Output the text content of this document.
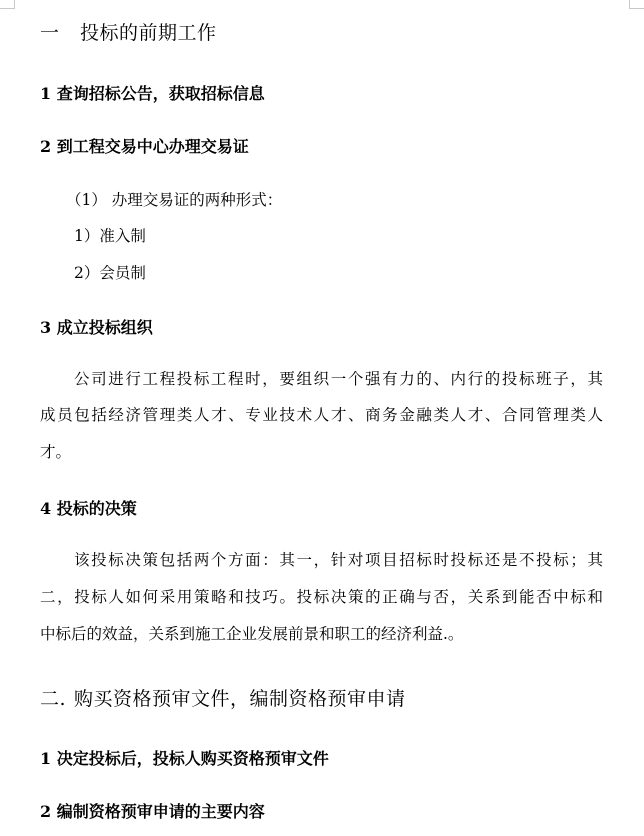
一 投标的前期工作
1 查询招标公告，获取招标信息
2 到工程交易中心办理交易证
（1） 办理交易证的两种形式：
1）准入制
2）会员制
3 成立投标组织
公司进行工程投标工程时，要组织一个强有力的、内行的投标班子，其
成员包括经济管理类人才、专业技术人才、商务金融类人才、合同管理类人
才。
4 投标的决策
该投标决策包括两个方面：其一，针对项目招标时投标还是不投标；其
二，投标人如何采用策略和技巧。投标决策的正确与否，关系到能否中标和
中标后的效益，关系到施工企业发展前景和职工的经济利益.。
二. 购买资格预审文件，编制资格预审申请
1 决定投标后，投标人购买资格预审文件
2 编制资格预审申请的主要内容
